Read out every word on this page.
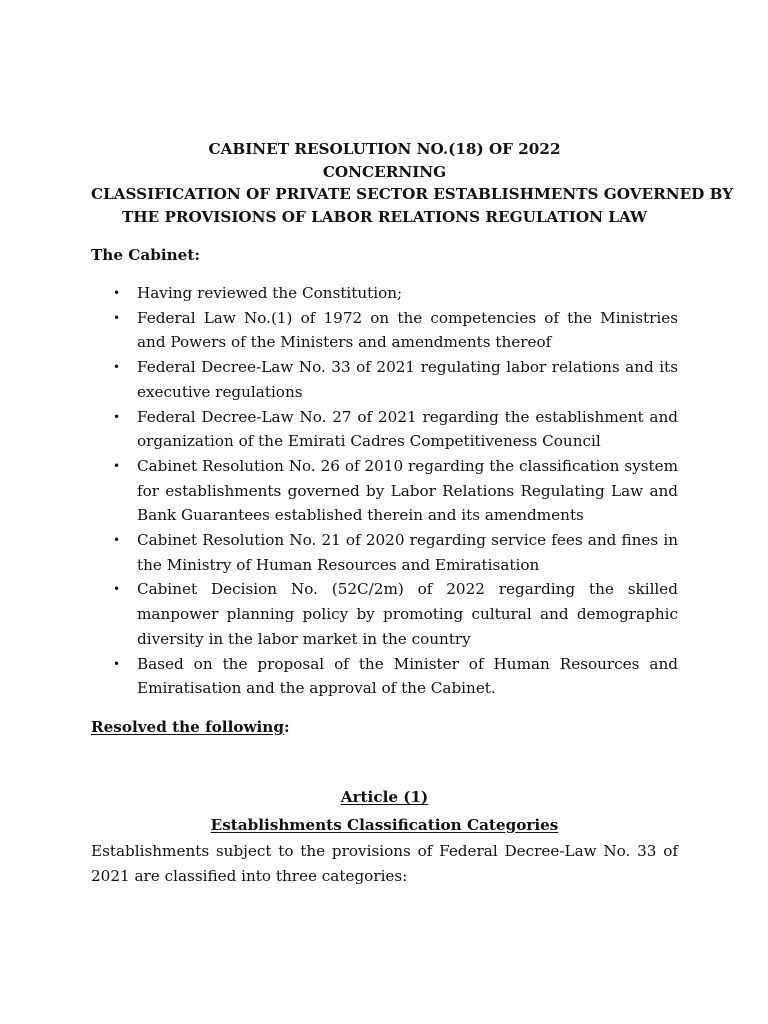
CABINET RESOLUTION NO.(18) OF 2022
CONCERNING
CLASSIFICATION OF PRIVATE SECTOR ESTABLISHMENTS GOVERNED BY
THE PROVISIONS OF LABOR RELATIONS REGULATION LAW
The Cabinet:
• Having reviewed the Constitution;
• Federal Law No.(1) of 1972 on the competencies of the Ministries and Powers of the Ministers and amendments thereof
• Federal Decree-Law No. 33 of 2021 regulating labor relations and its executive regulations
• Federal Decree-Law No. 27 of 2021 regarding the establishment and organization of the Emirati Cadres Competitiveness Council
• Cabinet Resolution No. 26 of 2010 regarding the classification system for establishments governed by Labor Relations Regulating Law and Bank Guarantees established therein and its amendments
• Cabinet Resolution No. 21 of 2020 regarding service fees and fines in the Ministry of Human Resources and Emiratisation
• Cabinet Decision No. (52C/2m) of 2022 regarding the skilled manpower planning policy by promoting cultural and demographic diversity in the labor market in the country
• Based on the proposal of the Minister of Human Resources and Emiratisation and the approval of the Cabinet.
Resolved the following:
Article (1)
Establishments Classification Categories
Establishments subject to the provisions of Federal Decree-Law No. 33 of 2021 are classified into three categories:
